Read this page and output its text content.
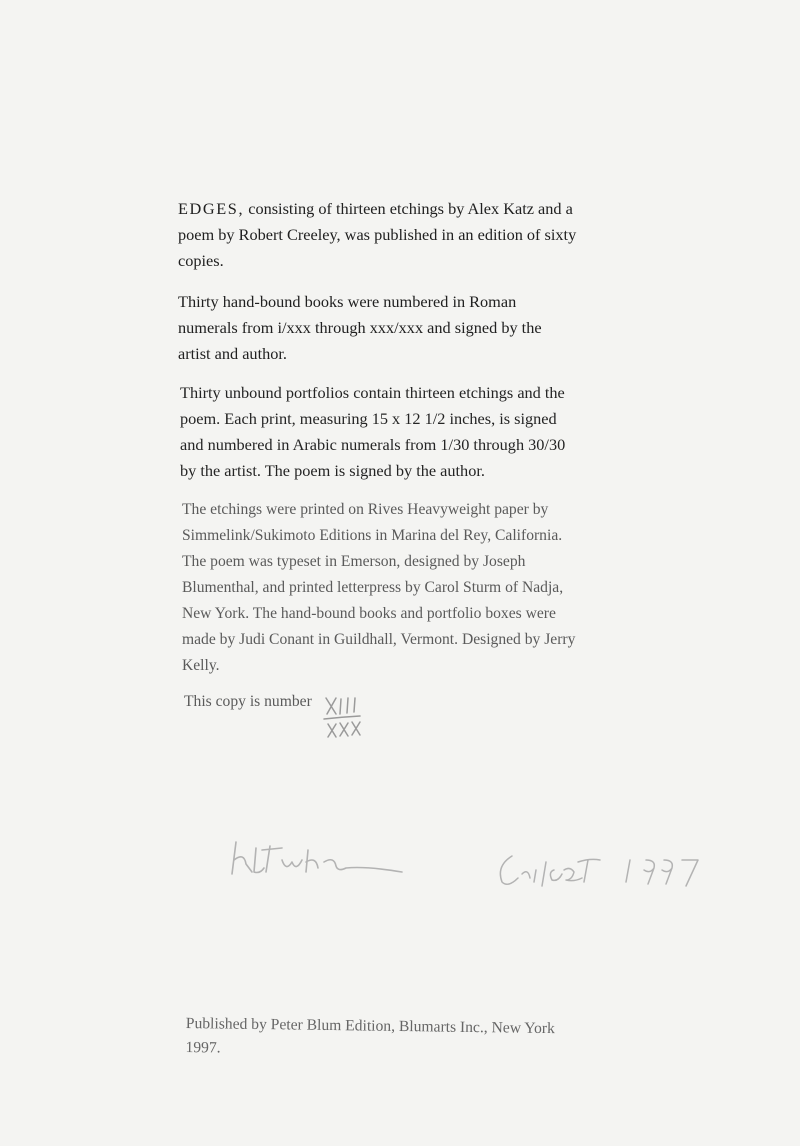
EDGES, consisting of thirteen etchings by Alex Katz and a poem by Robert Creeley, was published in an edition of sixty copies.

Thirty hand-bound books were numbered in Roman numerals from i/xxx through xxx/xxx and signed by the artist and author.

Thirty unbound portfolios contain thirteen etchings and the poem. Each print, measuring 15 x 12 1/2 inches, is signed and numbered in Arabic numerals from 1/30 through 30/30 by the artist. The poem is signed by the author.

The etchings were printed on Rives Heavyweight paper by Simmelink/Sukimoto Editions in Marina del Rey, California. The poem was typeset in Emerson, designed by Joseph Blumenthal, and printed letterpress by Carol Sturm of Nadja, New York. The hand-bound books and portfolio boxes were made by Judi Conant in Guildhall, Vermont. Designed by Jerry Kelly.

This copy is number

Published by Peter Blum Edition, Blumarts Inc., New York
1997.
